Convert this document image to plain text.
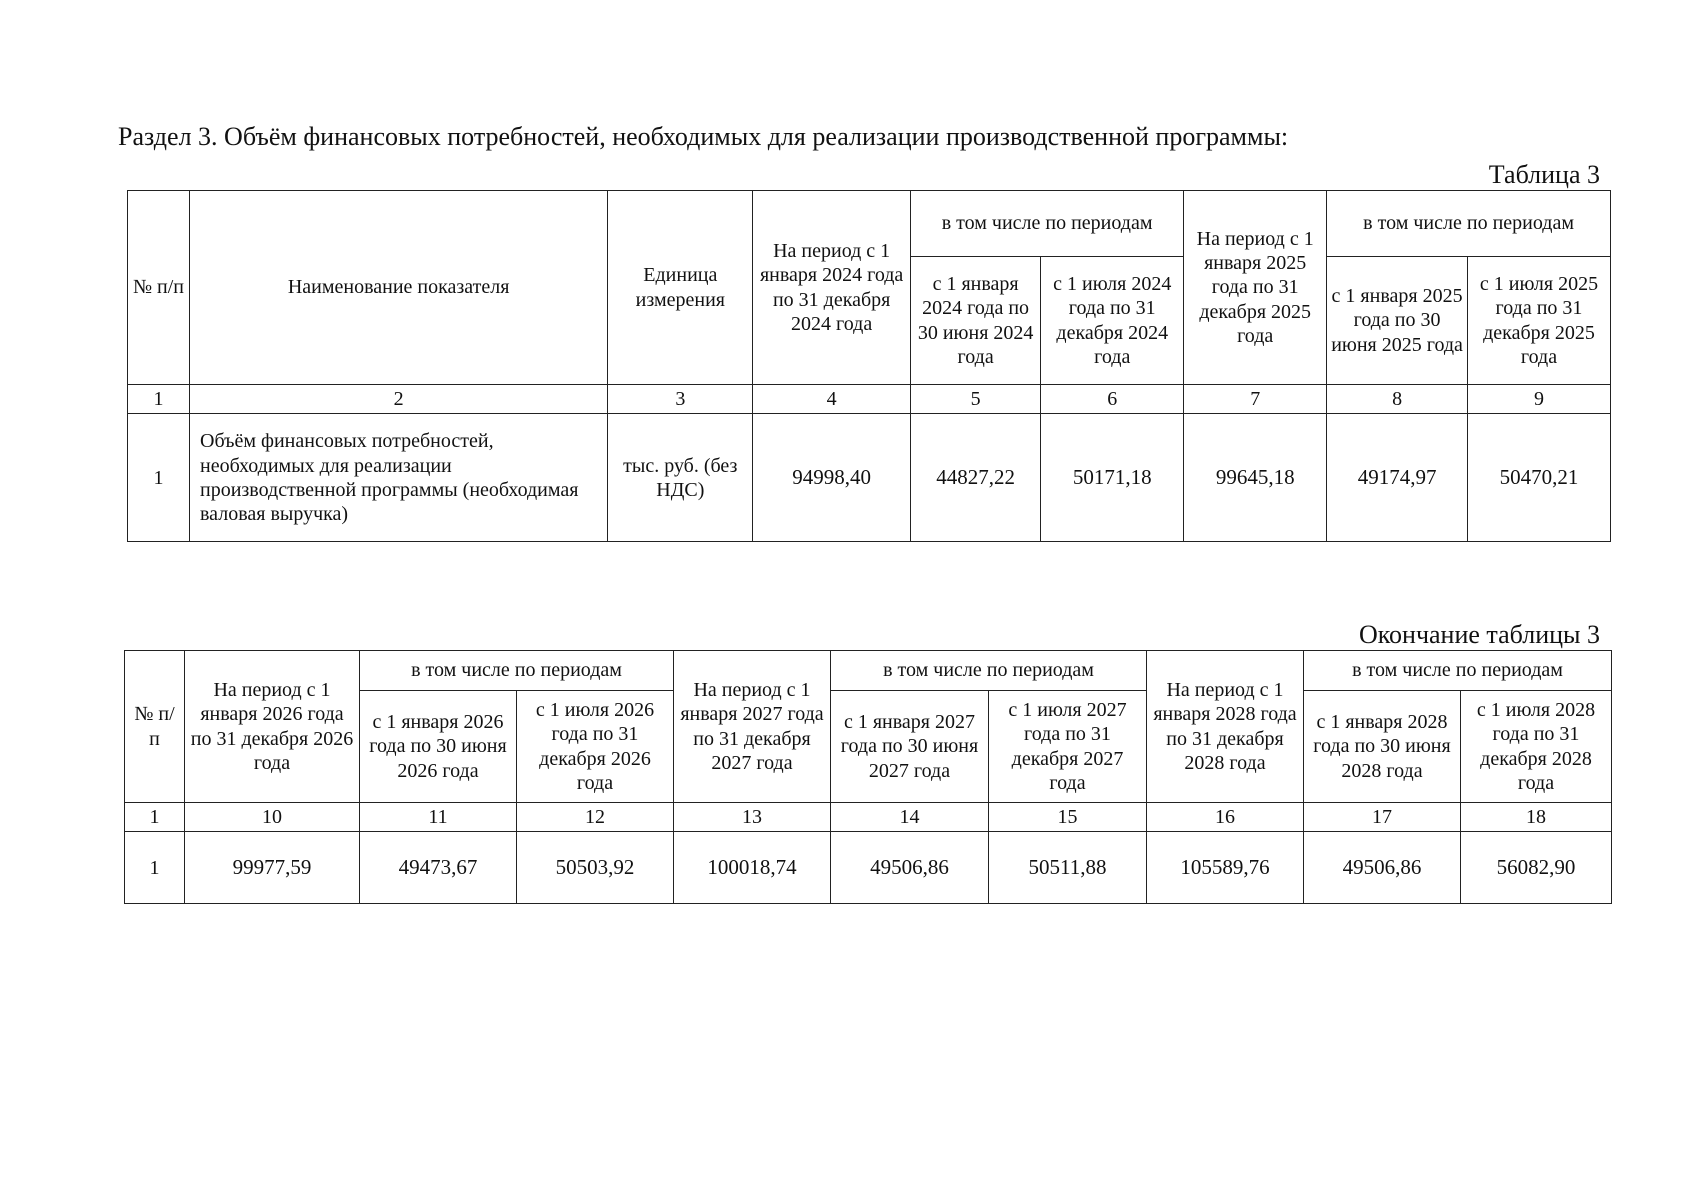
Раздел 3. Объём финансовых потребностей, необходимых для реализации производственной программы:
Таблица 3
№ п/п	Наименование показателя	Единица измерения	На период с 1 января 2024 года по 31 декабря 2024 года	в том числе по периодам		На период с 1 января 2025 года по 31 декабря 2025 года	в том числе по периодам	
				с 1 января 2024 года по 30 июня 2024 года	с 1 июля 2024 года по 31 декабря 2024 года		с 1 января 2025 года по 30 июня 2025 года	с 1 июля 2025 года по 31 декабря 2025 года
1	2	3	4	5	6	7	8	9
1	Объём финансовых потребностей, необходимых для реализации производственной программы (необходимая валовая выручка)	тыс. руб. (без НДС)	94998,40	44827,22	50171,18	99645,18	49174,97	50470,21
Окончание таблицы 3
№ п/п	На период с 1 января 2026 года по 31 декабря 2026 года	в том числе по периодам		На период с 1 января 2027 года по 31 декабря 2027 года	в том числе по периодам		На период с 1 января 2028 года по 31 декабря 2028 года	в том числе по периодам	
		с 1 января 2026 года по 30 июня 2026 года	с 1 июля 2026 года по 31 декабря 2026 года		с 1 января 2027 года по 30 июня 2027 года	с 1 июля 2027 года по 31 декабря 2027 года		с 1 января 2028 года по 30 июня 2028 года	с 1 июля 2028 года по 31 декабря 2028 года
1	10	11	12	13	14	15	16	17	18
1	99977,59	49473,67	50503,92	100018,74	49506,86	50511,88	105589,76	49506,86	56082,90
